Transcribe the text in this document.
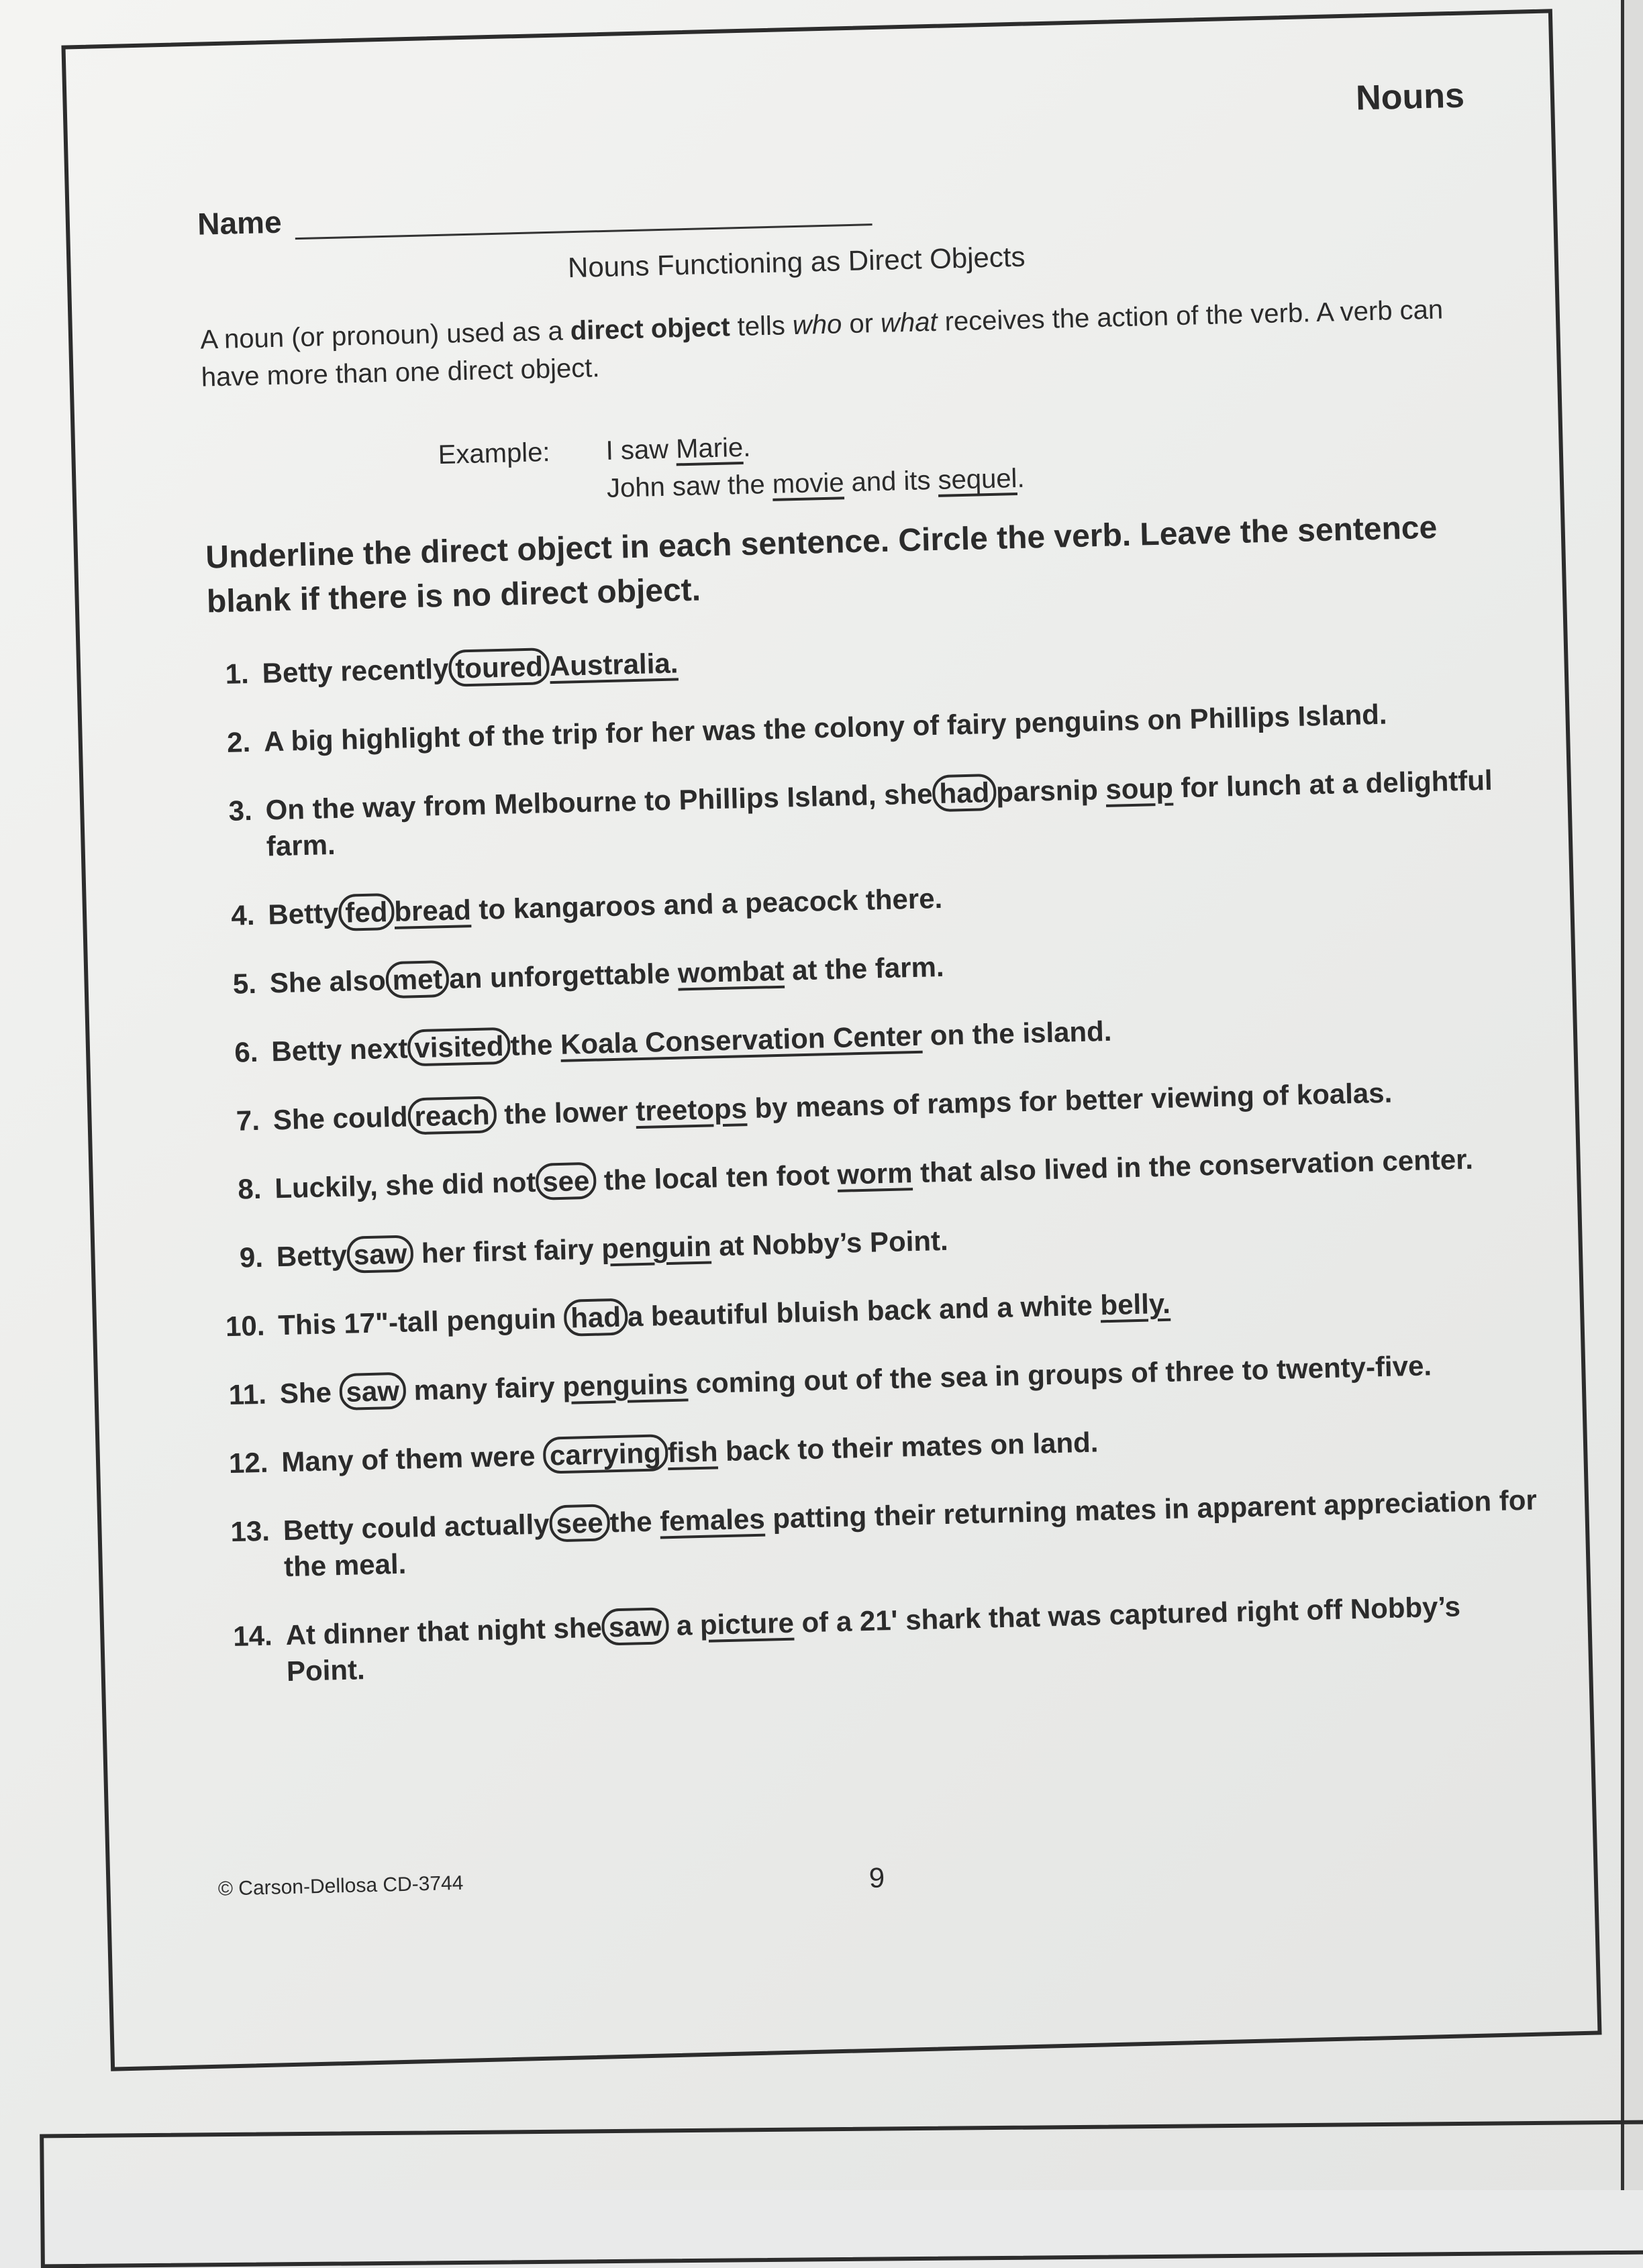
Nouns
Name
Nouns Functioning as Direct Objects
A noun (or pronoun) used as a direct object tells who or what receives the action of the verb. A verb can have more than one direct object.
Example: I saw Marie.
John saw the movie and its sequel.
Underline the direct object in each sentence. Circle the verb. Leave the sentence blank if there is no direct object.
1. Betty recently toured Australia.
2. A big highlight of the trip for her was the colony of fairy penguins on Phillips Island.
3. On the way from Melbourne to Phillips Island, she had parsnip soup for lunch at a delightful farm.
4. Betty fed bread to kangaroos and a peacock there.
5. She also met an unforgettable wombat at the farm.
6. Betty next visited the Koala Conservation Center on the island.
7. She could reach the lower treetops by means of ramps for better viewing of koalas.
8. Luckily, she did not see the local ten foot worm that also lived in the conservation center.
9. Betty saw her first fairy penguin at Nobby’s Point.
10. This 17"-tall penguin had a beautiful bluish back and a white belly.
11. She saw many fairy penguins coming out of the sea in groups of three to twenty-five.
12. Many of them were carrying fish back to their mates on land.
13. Betty could actually see the females patting their returning mates in apparent appreciation for the meal.
14. At dinner that night she saw a picture of a 21' shark that was captured right off Nobby’s Point.
© Carson-Dellosa CD-3744	9
